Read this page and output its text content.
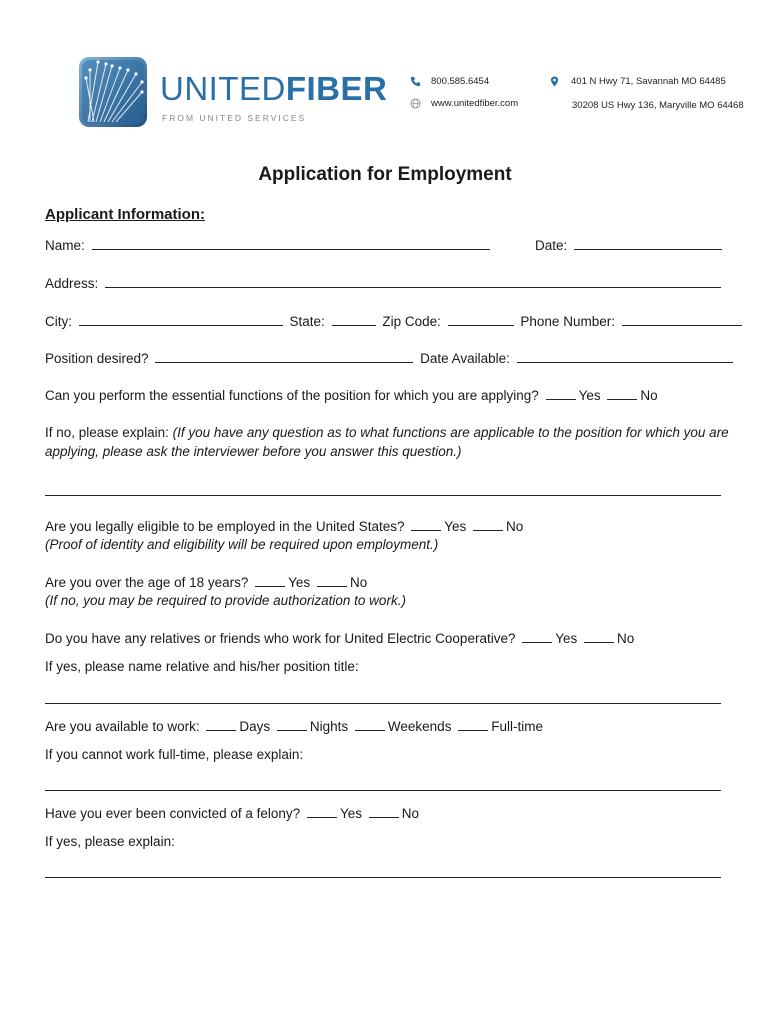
UNITEDFIBER
FROM UNITED SERVICES
800.585.6454
www.unitedfiber.com
401 N Hwy 71, Savannah MO 64485
30208 US Hwy 136, Maryville MO 64468
Application for Employment
Applicant Information:
Name:	Date:
Address:
City:	State:	Zip Code:	Phone Number:
Position desired?	Date Available:
Can you perform the essential functions of the position for which you are applying?	Yes	No
If no, please explain: (If you have any question as to what functions are applicable to the position for which you are
applying, please ask the interviewer before you answer this question.)
Are you legally eligible to be employed in the United States?	Yes	No
(Proof of identity and eligibility will be required upon employment.)
Are you over the age of 18 years?	Yes	No
(If no, you may be required to provide authorization to work.)
Do you have any relatives or friends who work for United Electric Cooperative?	Yes	No
If yes, please name relative and his/her position title:
Are you available to work:	Days	Nights	Weekends	Full-time
If you cannot work full-time, please explain:
Have you ever been convicted of a felony?	Yes	No
If yes, please explain:
